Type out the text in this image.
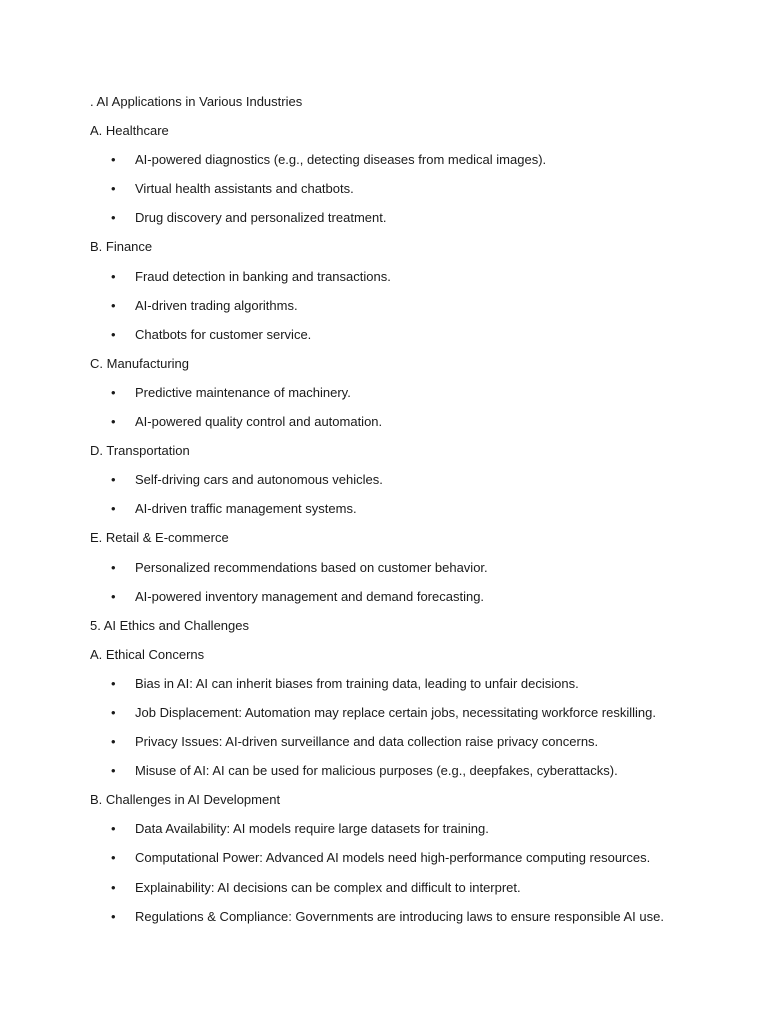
. AI Applications in Various Industries
A. Healthcare
• AI-powered diagnostics (e.g., detecting diseases from medical images).
• Virtual health assistants and chatbots.
• Drug discovery and personalized treatment.
B. Finance
• Fraud detection in banking and transactions.
• AI-driven trading algorithms.
• Chatbots for customer service.
C. Manufacturing
• Predictive maintenance of machinery.
• AI-powered quality control and automation.
D. Transportation
• Self-driving cars and autonomous vehicles.
• AI-driven traffic management systems.
E. Retail & E-commerce
• Personalized recommendations based on customer behavior.
• AI-powered inventory management and demand forecasting.
5. AI Ethics and Challenges
A. Ethical Concerns
• Bias in AI: AI can inherit biases from training data, leading to unfair decisions.
• Job Displacement: Automation may replace certain jobs, necessitating workforce reskilling.
• Privacy Issues: AI-driven surveillance and data collection raise privacy concerns.
• Misuse of AI: AI can be used for malicious purposes (e.g., deepfakes, cyberattacks).
B. Challenges in AI Development
• Data Availability: AI models require large datasets for training.
• Computational Power: Advanced AI models need high-performance computing resources.
• Explainability: AI decisions can be complex and difficult to interpret.
• Regulations & Compliance: Governments are introducing laws to ensure responsible AI use.
